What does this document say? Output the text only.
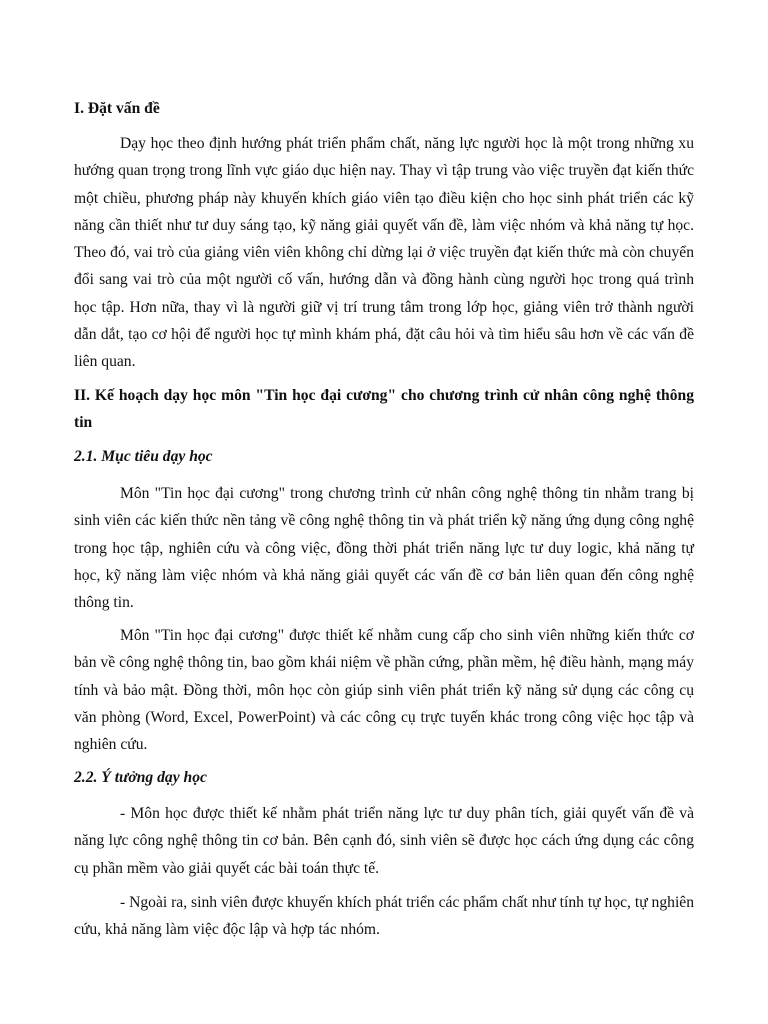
I. Đặt vấn đề

Dạy học theo định hướng phát triển phẩm chất, năng lực người học là một trong những xu hướng quan trọng trong lĩnh vực giáo dục hiện nay. Thay vì tập trung vào việc truyền đạt kiến thức một chiều, phương pháp này khuyến khích giáo viên tạo điều kiện cho học sinh phát triển các kỹ năng cần thiết như tư duy sáng tạo, kỹ năng giải quyết vấn đề, làm việc nhóm và khả năng tự học. Theo đó, vai trò của giảng viên viên không chỉ dừng lại ở việc truyền đạt kiến thức mà còn chuyển đổi sang vai trò của một người cố vấn, hướng dẫn và đồng hành cùng người học trong quá trình học tập. Hơn nữa, thay vì là người giữ vị trí trung tâm trong lớp học, giảng viên trở thành người dẫn dắt, tạo cơ hội để người học tự mình khám phá, đặt câu hỏi và tìm hiểu sâu hơn về các vấn đề liên quan.

II. Kế hoạch dạy học môn "Tin học đại cương" cho chương trình cử nhân công nghệ thông tin

2.1. Mục tiêu dạy học

Môn "Tin học đại cương" trong chương trình cử nhân công nghệ thông tin nhằm trang bị sinh viên các kiến thức nền tảng về công nghệ thông tin và phát triển kỹ năng ứng dụng công nghệ trong học tập, nghiên cứu và công việc, đồng thời phát triển năng lực tư duy logic, khả năng tự học, kỹ năng làm việc nhóm và khả năng giải quyết các vấn đề cơ bản liên quan đến công nghệ thông tin.

Môn "Tin học đại cương" được thiết kế nhằm cung cấp cho sinh viên những kiến thức cơ bản về công nghệ thông tin, bao gồm khái niệm về phần cứng, phần mềm, hệ điều hành, mạng máy tính và bảo mật. Đồng thời, môn học còn giúp sinh viên phát triển kỹ năng sử dụng các công cụ văn phòng (Word, Excel, PowerPoint) và các công cụ trực tuyến khác trong công việc học tập và nghiên cứu.

2.2. Ý tưởng dạy học

- Môn học được thiết kế nhằm phát triển năng lực tư duy phân tích, giải quyết vấn đề và năng lực công nghệ thông tin cơ bản. Bên cạnh đó, sinh viên sẽ được học cách ứng dụng các công cụ phần mềm vào giải quyết các bài toán thực tế.

- Ngoài ra, sinh viên được khuyến khích phát triển các phẩm chất như tính tự học, tự nghiên cứu, khả năng làm việc độc lập và hợp tác nhóm.
